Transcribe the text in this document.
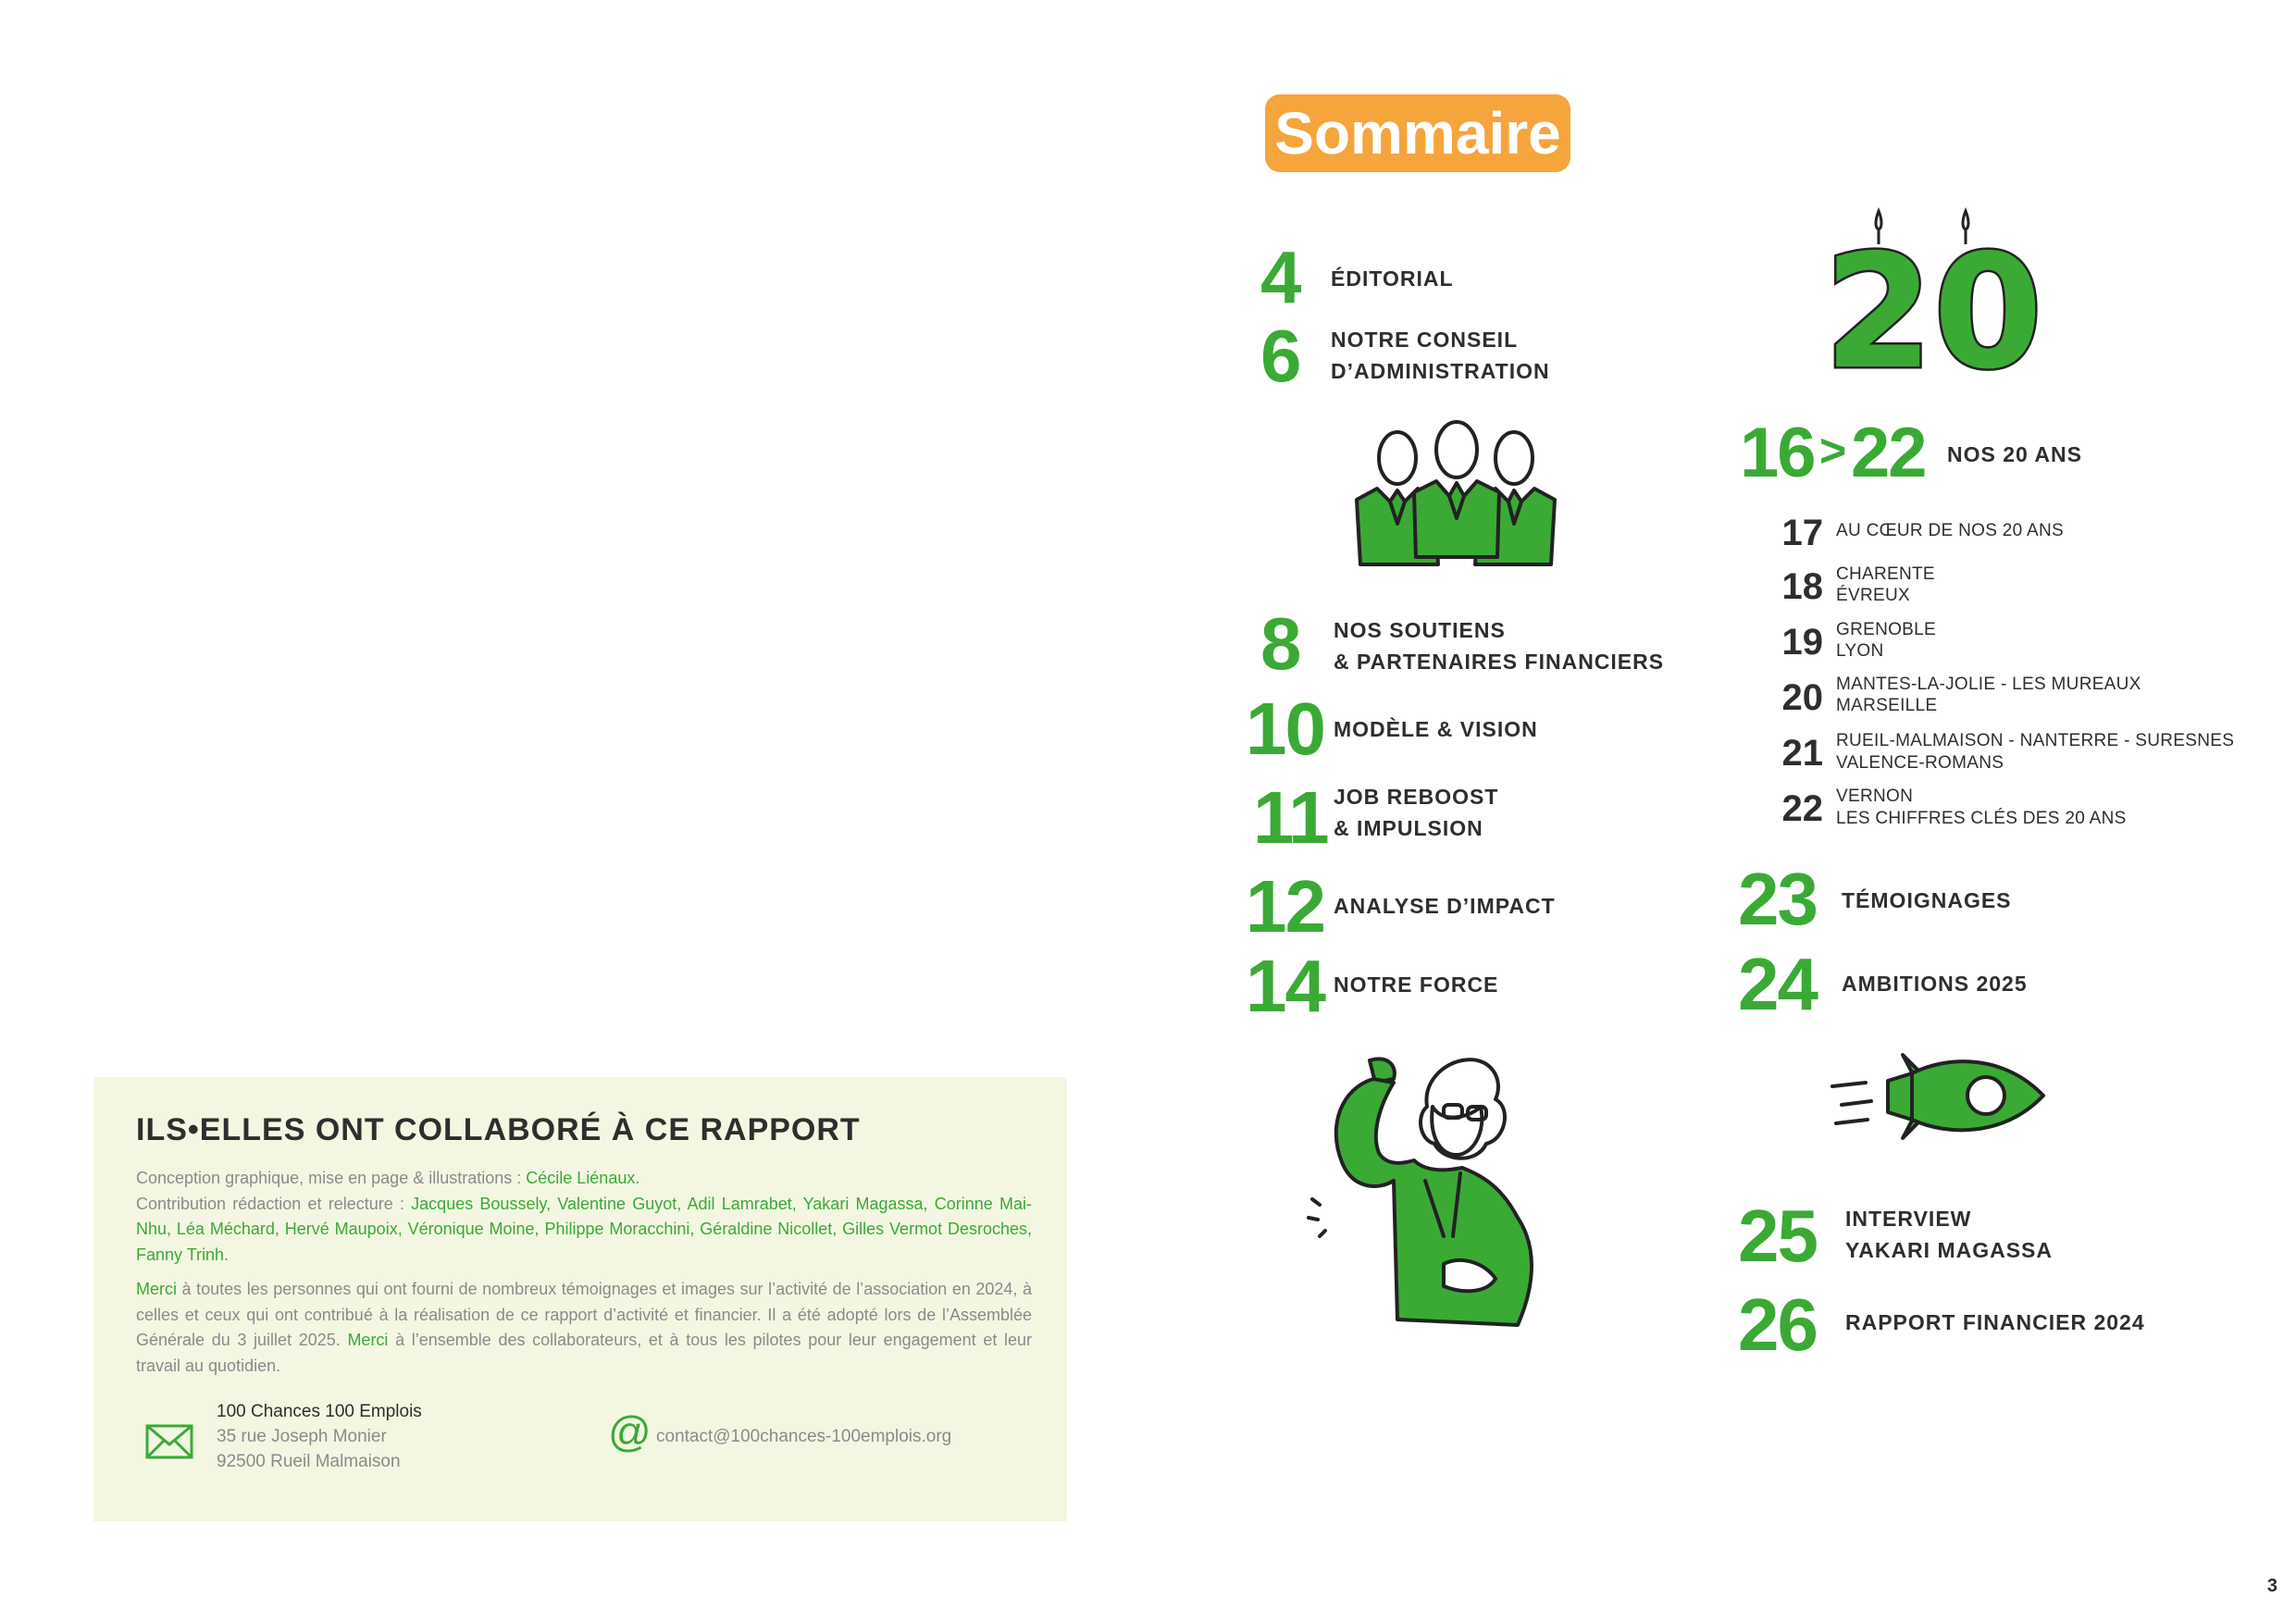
Sommaire
4 ÉDITORIAL
6 NOTRE CONSEIL
D’ADMINISTRATION
8 NOS SOUTIENS
& PARTENAIRES FINANCIERS
10 MODÈLE & VISION
11 JOB REBOOST
& IMPULSION
12 ANALYSE D’IMPACT
14 NOTRE FORCE
20
16 > 22 NOS 20 ANS
17 AU CŒUR DE NOS 20 ANS
18 CHARENTE
ÉVREUX
19 GRENOBLE
LYON
20 MANTES-LA-JOLIE - LES MUREAUX
MARSEILLE
21 RUEIL-MALMAISON - NANTERRE - SURESNES
VALENCE-ROMANS
22 VERNON
LES CHIFFRES CLÉS DES 20 ANS
23 TÉMOIGNAGES
24 AMBITIONS 2025
25 INTERVIEW
YAKARI MAGASSA
26 RAPPORT FINANCIER 2024
ILS•ELLES ONT COLLABORÉ À CE RAPPORT
Conception graphique, mise en page & illustrations : Cécile Liénaux.
Contribution rédaction et relecture : Jacques Boussely, Valentine Guyot, Adil Lamrabet, Yakari Magassa, Corinne Mai-Nhu, Léa Méchard, Hervé Maupoix, Véronique Moine, Philippe Moracchini, Géraldine Nicollet, Gilles Vermot Desroches, Fanny Trinh.
Merci à toutes les personnes qui ont fourni de nombreux témoignages et images sur l’activité de l’association en 2024, à celles et ceux qui ont contribué à la réalisation de ce rapport d’activité et financier. Il a été adopté lors de l’Assemblée Générale du 3 juillet 2025. Merci à l’ensemble des collaborateurs, et à tous les pilotes pour leur engagement et leur travail au quotidien.
100 Chances 100 Emplois
35 rue Joseph Monier
92500 Rueil Malmaison
@ contact@100chances-100emplois.org
3
